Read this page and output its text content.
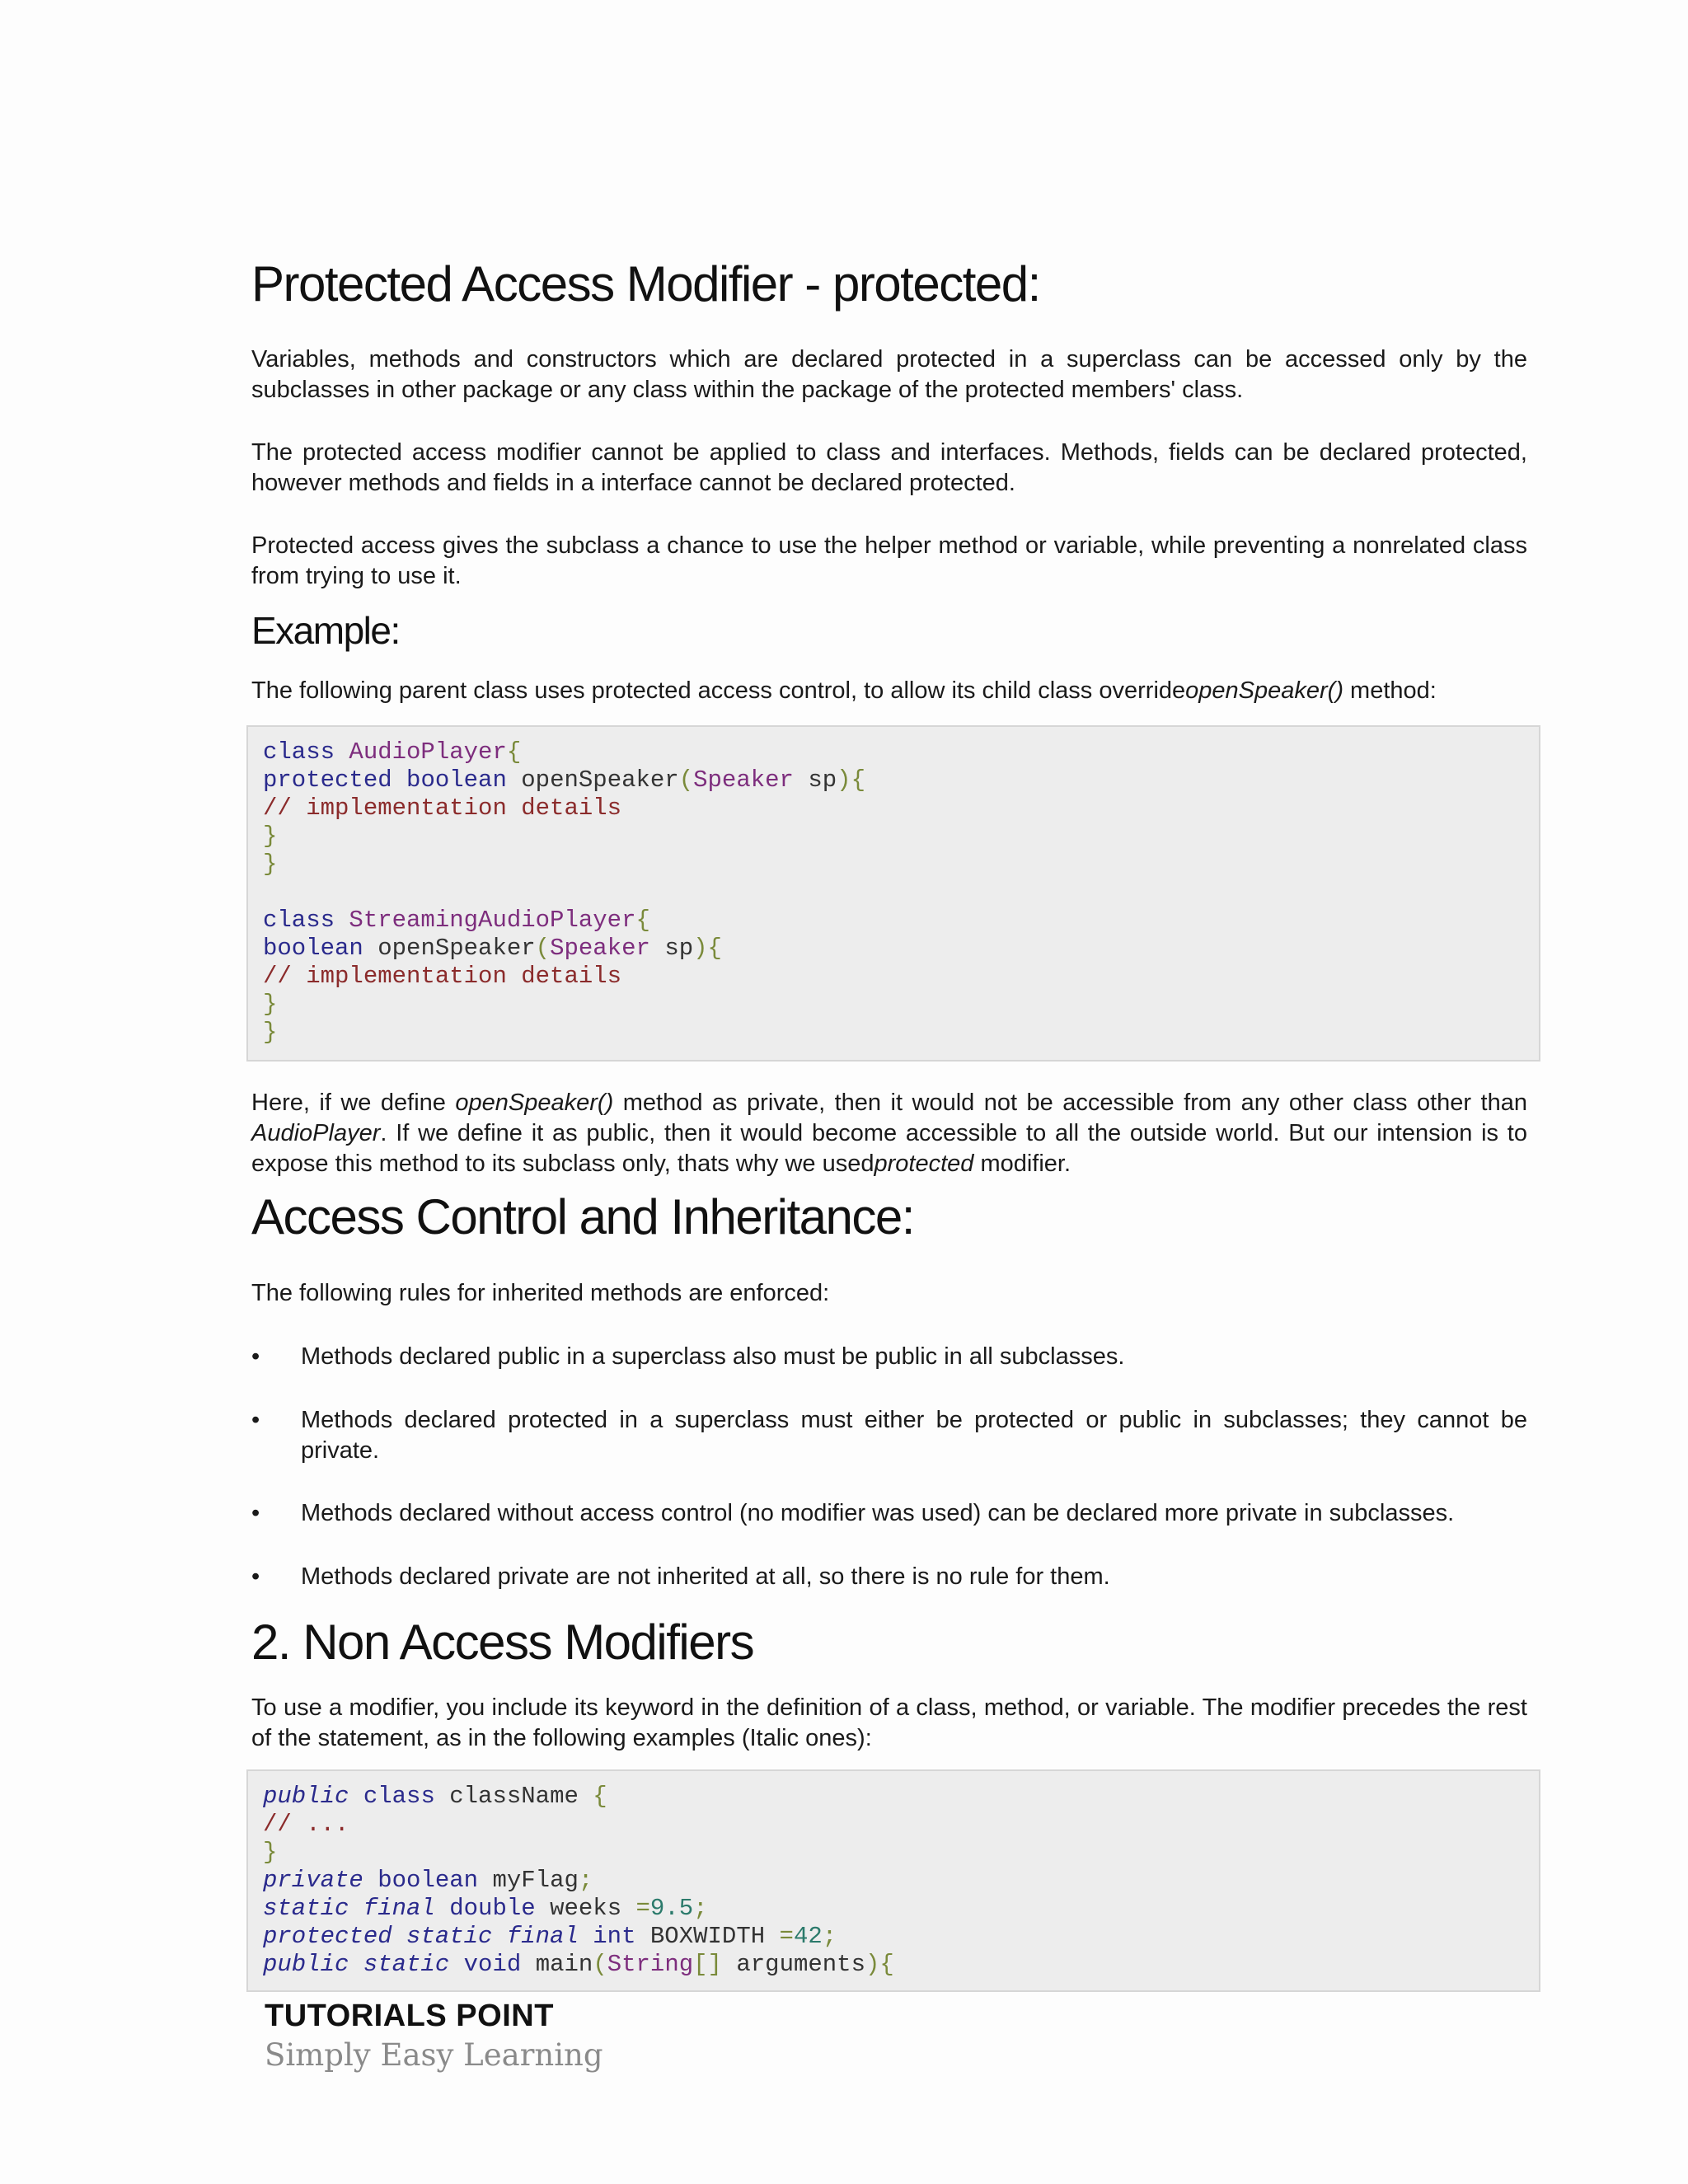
Protected Access Modifier - protected:

Variables, methods and constructors which are declared protected in a superclass can be accessed only by the subclasses in other package or any class within the package of the protected members' class.

The protected access modifier cannot be applied to class and interfaces. Methods, fields can be declared protected, however methods and fields in a interface cannot be declared protected.

Protected access gives the subclass a chance to use the helper method or variable, while preventing a nonrelated class from trying to use it.

Example:

The following parent class uses protected access control, to allow its child class overrideopenSpeaker() method:

class AudioPlayer{
protected boolean openSpeaker(Speaker sp){
// implementation details
}
}

class StreamingAudioPlayer{
boolean openSpeaker(Speaker sp){
// implementation details
}
}

Here, if we define openSpeaker() method as private, then it would not be accessible from any other class other than AudioPlayer. If we define it as public, then it would become accessible to all the outside world. But our intension is to expose this method to its subclass only, thats why we usedprotected modifier.

Access Control and Inheritance:

The following rules for inherited methods are enforced:

• Methods declared public in a superclass also must be public in all subclasses.
• Methods declared protected in a superclass must either be protected or public in subclasses; they cannot be private.
• Methods declared without access control (no modifier was used) can be declared more private in subclasses.
• Methods declared private are not inherited at all, so there is no rule for them.
2. Non Access Modifiers

To use a modifier, you include its keyword in the definition of a class, method, or variable. The modifier precedes the rest of the statement, as in the following examples (Italic ones):

public class className {
// ...
}
private boolean myFlag;
static final double weeks =9.5;
protected static final int BOXWIDTH =42;
public static void main(String[] arguments){
TUTORIALS POINT
Simply Easy Learning
